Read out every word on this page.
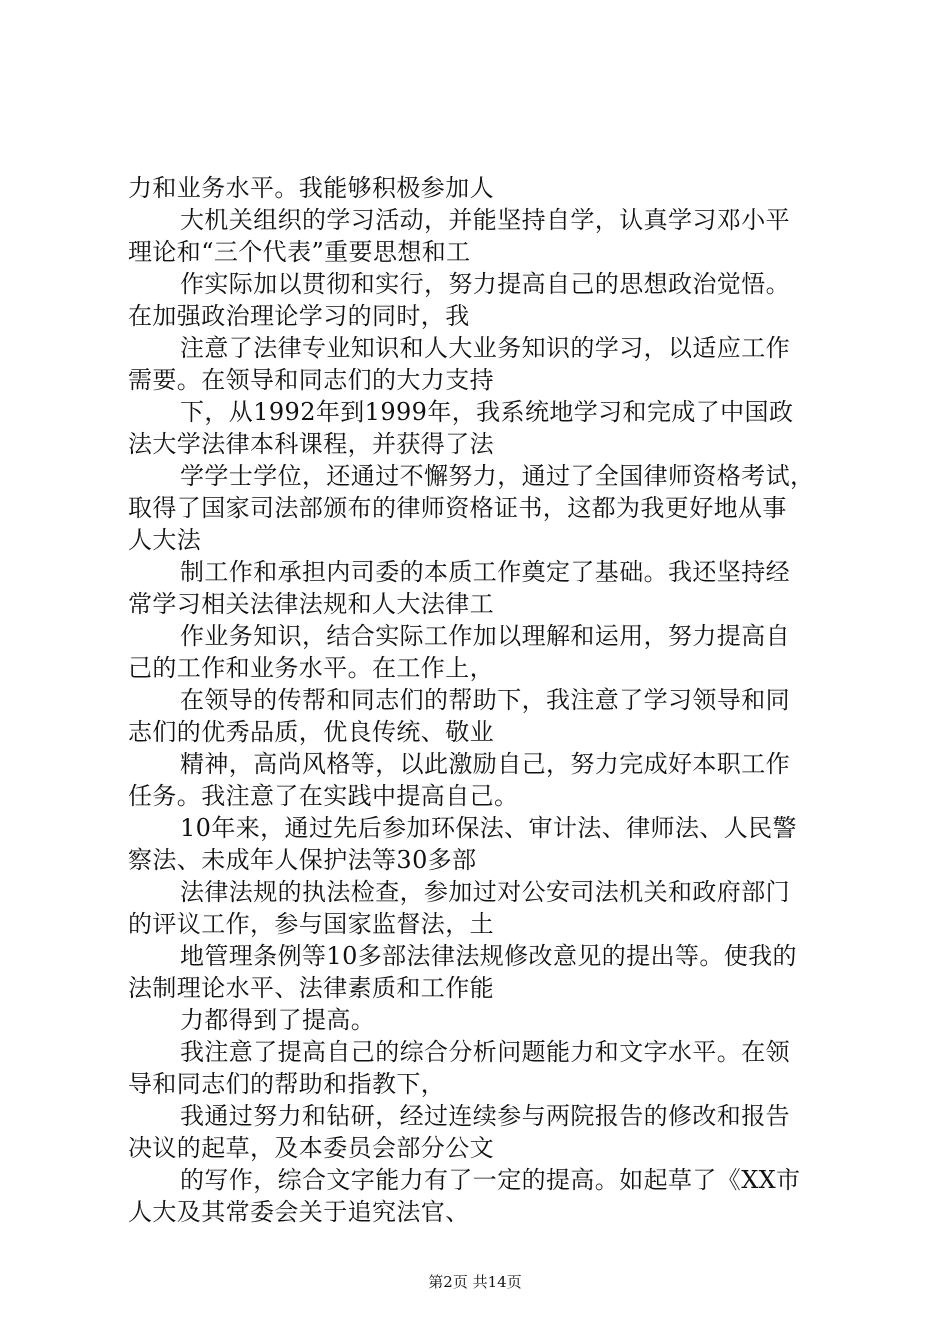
力和业务水平。我能够积极参加人
大机关组织的学习活动，并能坚持自学，认真学习邓小平
理论和“三个代表”重要思想和工
作实际加以贯彻和实行，努力提高自己的思想政治觉悟。
在加强政治理论学习的同时，我
注意了法律专业知识和人大业务知识的学习，以适应工作
需要。在领导和同志们的大力支持
下，从1992年到1999年，我系统地学习和完成了中国政
法大学法律本科课程，并获得了法
学学士学位，还通过不懈努力，通过了全国律师资格考试，
取得了国家司法部颁布的律师资格证书，这都为我更好地从事
人大法
制工作和承担内司委的本质工作奠定了基础。我还坚持经
常学习相关法律法规和人大法律工
作业务知识，结合实际工作加以理解和运用，努力提高自
己的工作和业务水平。在工作上，
在领导的传帮和同志们的帮助下，我注意了学习领导和同
志们的优秀品质，优良传统、敬业
精神，高尚风格等，以此激励自己，努力完成好本职工作
任务。我注意了在实践中提高自己。
10年来，通过先后参加环保法、审计法、律师法、人民警
察法、未成年人保护法等30多部
法律法规的执法检查，参加过对公安司法机关和政府部门
的评议工作，参与国家监督法，土
地管理条例等10多部法律法规修改意见的提出等。使我的
法制理论水平、法律素质和工作能
力都得到了提高。
我注意了提高自己的综合分析问题能力和文字水平。在领
导和同志们的帮助和指教下，
我通过努力和钻研，经过连续参与两院报告的修改和报告
决议的起草，及本委员会部分公文
的写作，综合文字能力有了一定的提高。如起草了《XX市
人大及其常委会关于追究法官、
第2页 共14页
